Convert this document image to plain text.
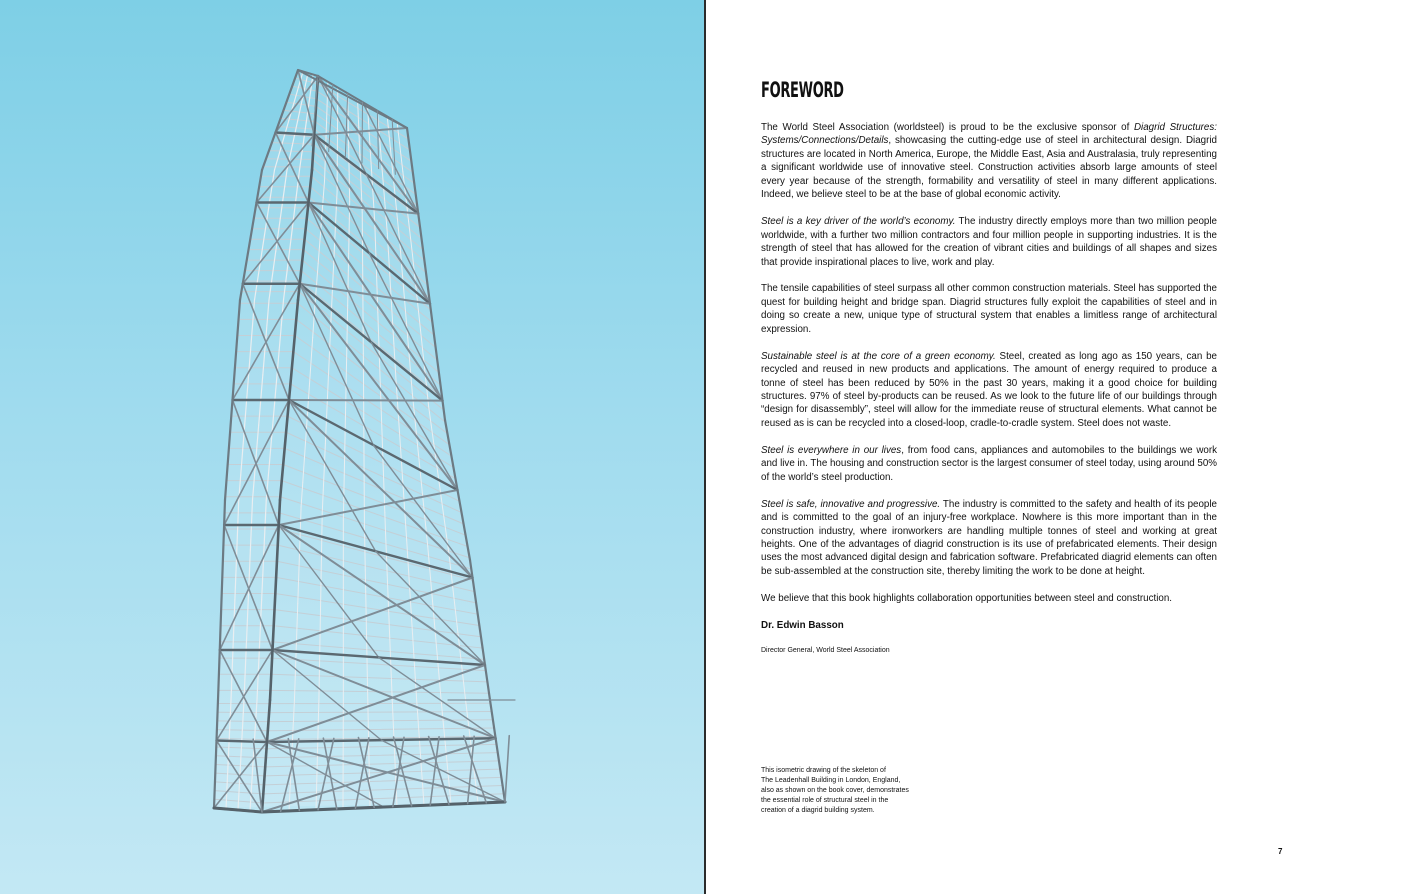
FOREWORD

The World Steel Association (worldsteel) is proud to be the exclusive sponsor of Diagrid Structures: Systems/Connections/Details, showcasing the cutting-edge use of steel in architectural design. Diagrid structures are located in North America, Europe, the Middle East, Asia and Australasia, truly representing a significant worldwide use of innovative steel. Construction activities absorb large amounts of steel every year because of the strength, formability and versatility of steel in many different applications. Indeed, we believe steel to be at the base of global economic activity.

Steel is a key driver of the world’s economy. The industry directly employs more than two million people worldwide, with a further two million contractors and four million people in supporting industries. It is the strength of steel that has allowed for the creation of vibrant cities and buildings of all shapes and sizes that provide inspirational places to live, work and play.

The tensile capabilities of steel surpass all other common construction materials. Steel has supported the quest for building height and bridge span. Diagrid structures fully exploit the capabilities of steel and in doing so create a new, unique type of structural system that enables a limitless range of architectural expression.

Sustainable steel is at the core of a green economy. Steel, created as long ago as 150 years, can be recycled and reused in new products and applications. The amount of energy required to produce a tonne of steel has been reduced by 50% in the past 30 years, making it a good choice for building structures. 97% of steel by-products can be reused. As we look to the future life of our buildings through “design for disassembly”, steel will allow for the immediate reuse of structural elements. What cannot be reused as is can be recycled into a closed-loop, cradle-to-cradle system. Steel does not waste.

Steel is everywhere in our lives, from food cans, appliances and automobiles to the buildings we work and live in. The housing and construction sector is the largest consumer of steel today, using around 50% of the world’s steel production.

Steel is safe, innovative and progressive. The industry is committed to the safety and health of its people and is committed to the goal of an injury-free workplace. Nowhere is this more important than in the construction industry, where ironworkers are handling multiple tonnes of steel and working at great heights. One of the advantages of diagrid construction is its use of prefabricated elements. Their design uses the most advanced digital design and fabrication software. Prefabricated diagrid elements can often be sub-assembled at the construction site, thereby limiting the work to be done at height.

We believe that this book highlights collaboration opportunities between steel and construction.

Dr. Edwin Basson

Director General, World Steel Association

This isometric drawing of the skeleton of
The Leadenhall Building in London, England,
also as shown on the book cover, demonstrates
the essential role of structural steel in the
creation of a diagrid building system.
7
